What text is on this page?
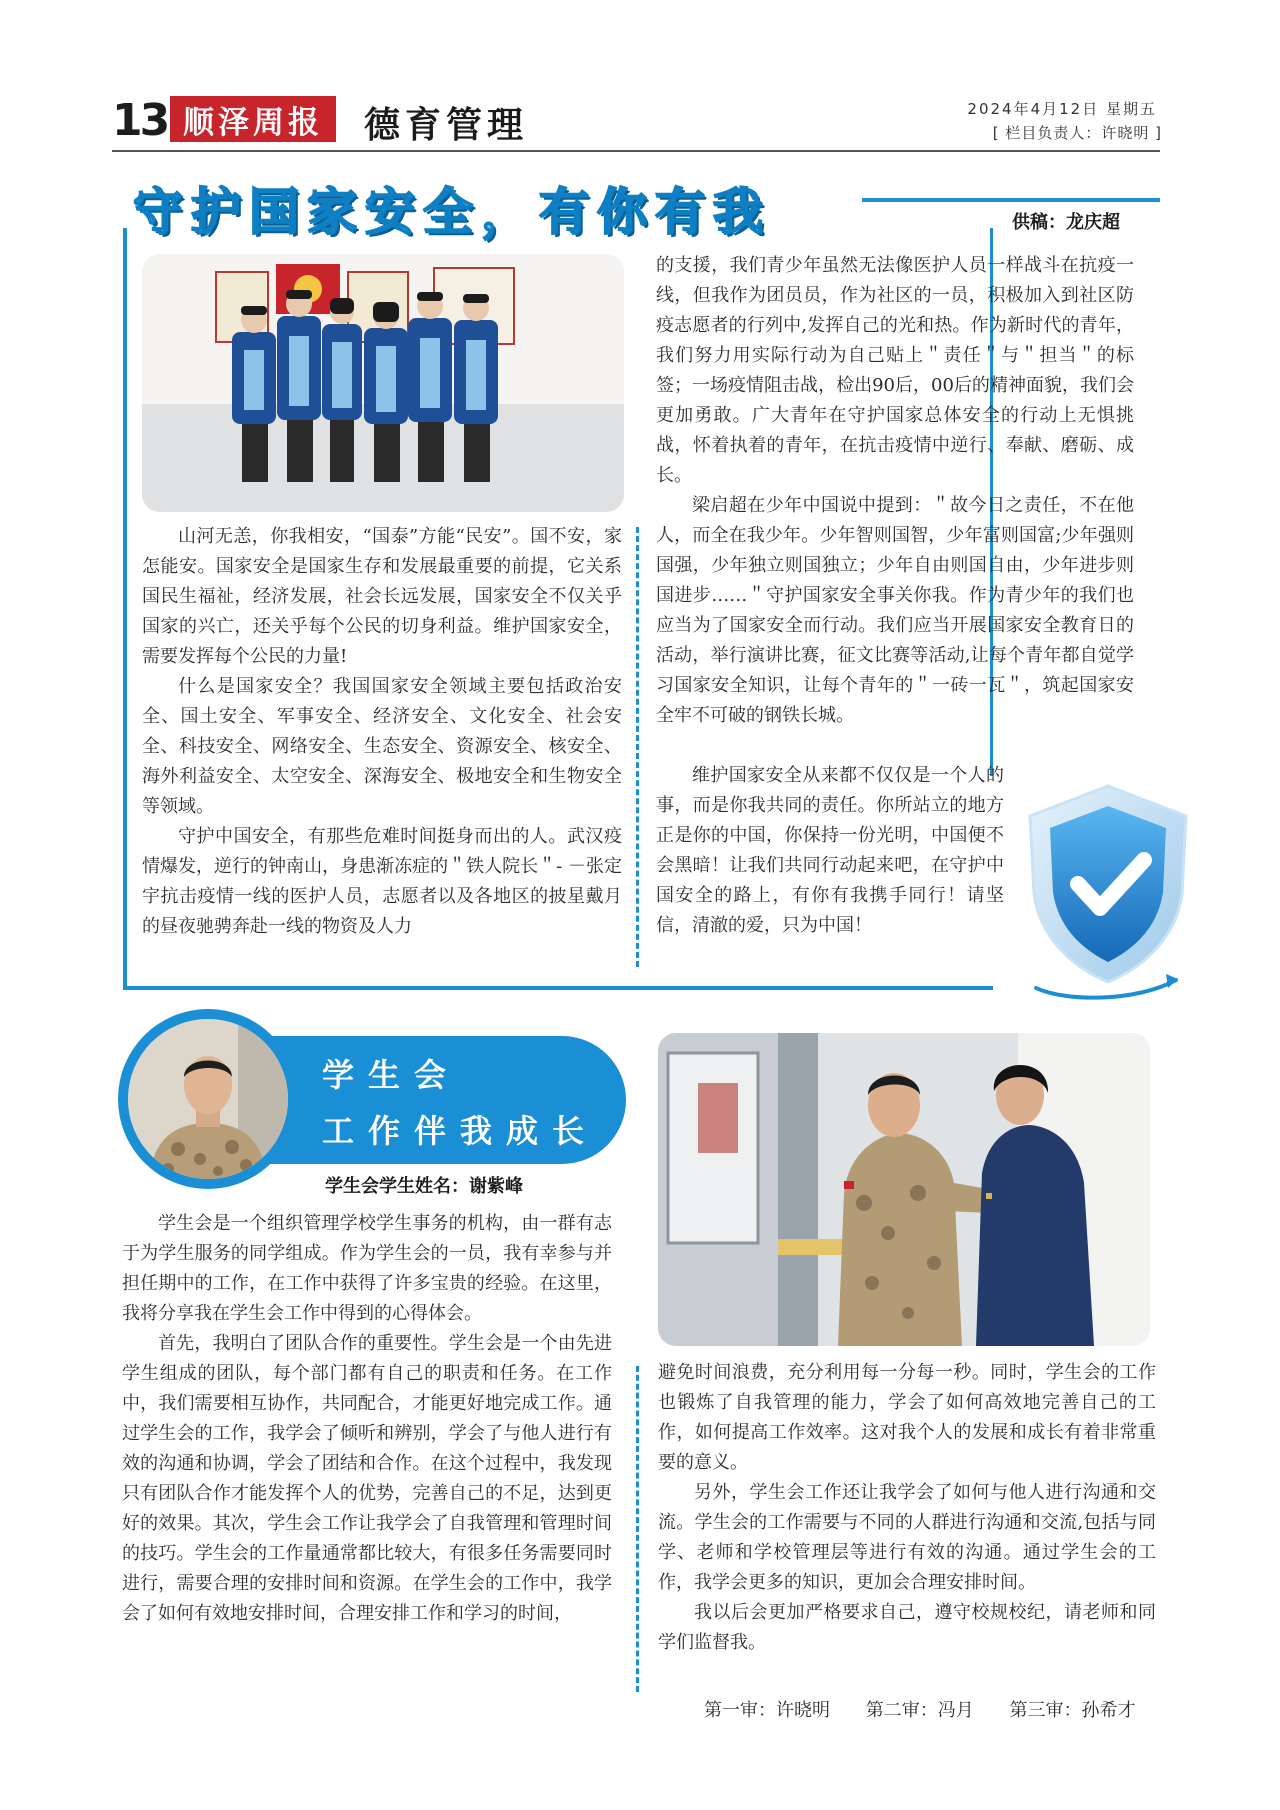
13 顺泽周报	德育管理	2024年4月12日 星期五
[ 栏目负责人：许晓明 ]
守护国家安全，有你有我	供稿：龙庆超

山河无恙，你我相安，“国泰”方能“民安”。国不安，家怎能安。国家安全是国家生存和发展最重要的前提，它关系国民生福祉，经济发展，社会长远发展，国家安全不仅关乎国家的兴亡，还关乎每个公民的切身利益。维护国家安全，需要发挥每个公民的力量!

什么是国家安全？我国国家安全领域主要包括政治安全、国土安全、军事安全、经济安全、文化安全、社会安全、科技安全、网络安全、生态安全、资源安全、核安全、海外利益安全、太空安全、深海安全、极地安全和生物安全等领域。

守护中国安全，有那些危难时间挺身而出的人。武汉疫情爆发，逆行的钟南山，身患渐冻症的＂铁人院长＂- －张定宇抗击疫情一线的医护人员，志愿者以及各地区的披星戴月的昼夜驰骋奔赴一线的物资及人力

的支援，我们青少年虽然无法像医护人员一样战斗在抗疫一线，但我作为团员员，作为社区的一员，积极加入到社区防疫志愿者的行列中,发挥自己的光和热。作为新时代的青年，我们努力用实际行动为自己贴上＂责任＂与＂担当＂的标签；一场疫情阻击战，检出90后，00后的精神面貌，我们会更加勇敢。广大青年在守护国家总体安全的行动上无惧挑战，怀着执着的青年，在抗击疫情中逆行、奉献、磨砺、成长。

梁启超在少年中国说中提到：＂故今日之责任，不在他人，而全在我少年。少年智则国智，少年富则国富;少年强则国强，少年独立则国独立；少年自由则国自由，少年进步则国进步……＂守护国家安全事关你我。作为青少年的我们也应当为了国家安全而行动。我们应当开展国家安全教育日的活动，举行演讲比赛，征文比赛等活动,让每个青年都自觉学习国家安全知识，让每个青年的＂一砖一瓦＂，筑起国家安全牢不可破的钢铁长城。

维护国家安全从来都不仅仅是一个人的事，而是你我共同的责任。你所站立的地方正是你的中国，你保持一份光明，中国便不会黑暗！让我们共同行动起来吧，在守护中国安全的路上，有你有我携手同行！请坚信，清澈的爱，只为中国！

学生会
工作伴我成长
学生会学生姓名：谢紫峰

学生会是一个组织管理学校学生事务的机构，由一群有志于为学生服务的同学组成。作为学生会的一员，我有幸参与并担任期中的工作，在工作中获得了许多宝贵的经验。在这里，我将分享我在学生会工作中得到的心得体会。

首先，我明白了团队合作的重要性。学生会是一个由先进学生组成的团队，每个部门都有自己的职责和任务。在工作中，我们需要相互协作，共同配合，才能更好地完成工作。通过学生会的工作，我学会了倾听和辨别，学会了与他人进行有效的沟通和协调，学会了团结和合作。在这个过程中，我发现只有团队合作才能发挥个人的优势，完善自己的不足，达到更好的效果。其次，学生会工作让我学会了自我管理和管理时间的技巧。学生会的工作量通常都比较大，有很多任务需要同时进行，需要合理的安排时间和资源。在学生会的工作中，我学会了如何有效地安排时间，合理安排工作和学习的时间，

避免时间浪费，充分利用每一分每一秒。同时，学生会的工作也锻炼了自我管理的能力，学会了如何高效地完善自己的工作，如何提高工作效率。这对我个人的发展和成长有着非常重要的意义。

另外，学生会工作还让我学会了如何与他人进行沟通和交流。学生会的工作需要与不同的人群进行沟通和交流,包括与同学、老师和学校管理层等进行有效的沟通。通过学生会的工作，我学会更多的知识，更加会合理安排时间。

我以后会更加严格要求自己，遵守校规校纪，请老师和同学们监督我。

第一审：许晓明 第二审：冯月 第三审：孙希才
